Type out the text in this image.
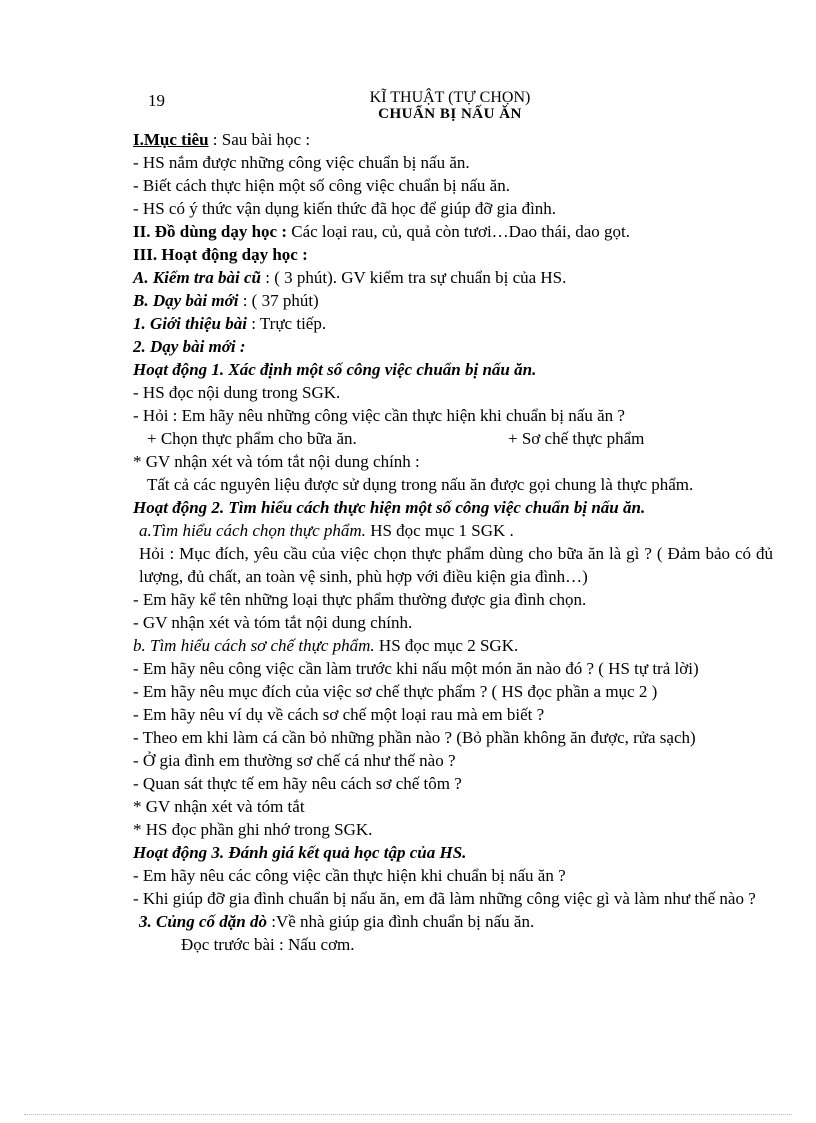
19	KĨ THUẬT (TỰ CHỌN)
CHUẨN BỊ NẤU ĂN
I.Mục tiêu : Sau bài học :
- HS nắm được những công việc chuẩn bị nấu ăn.
- Biết cách thực hiện một số công việc chuẩn bị nấu ăn.
- HS có ý thức vận dụng kiến thức đã học để giúp đỡ gia đình.
II. Đồ dùng dạy học : Các loại rau, củ, quả còn tươi…Dao thái, dao gọt.
III. Hoạt động dạy học :
A. Kiểm tra bài cũ : ( 3 phút). GV kiểm tra sự chuẩn bị của HS.
B. Dạy bài mới : ( 37 phút)
1. Giới thiệu bài : Trực tiếp.
2. Dạy bài mới :
Hoạt động 1. Xác định một số công việc chuẩn bị nấu ăn.
- HS đọc nội dung trong SGK.
- Hỏi : Em hãy nêu những công việc cần thực hiện khi chuẩn bị nấu ăn ?
+ Chọn thực phẩm cho bữa ăn.	+ Sơ chế thực phẩm
* GV nhận xét và tóm tắt nội dung chính :
Tất cả các nguyên liệu được sử dụng trong nấu ăn được gọi chung là thực phẩm.
Hoạt động 2. Tìm hiểu cách thực hiện một số công việc chuẩn bị nấu ăn.
a.Tìm hiểu cách chọn thực phẩm. HS đọc mục 1 SGK .
Hỏi : Mục đích, yêu cầu của việc chọn thực phẩm dùng cho bữa ăn là gì ? ( Đảm bảo có đủ lượng, đủ chất, an toàn vệ sinh, phù hợp với điều kiện gia đình…)
- Em hãy kể tên những loại thực phẩm thường được gia đình chọn.
- GV nhận xét và tóm tắt nội dung chính.
b. Tìm hiểu cách sơ chế thực phẩm. HS đọc mục 2 SGK.
- Em hãy nêu công việc cần làm trước khi nấu một món ăn nào đó ? ( HS tự trả lời)
- Em hãy nêu mục đích của việc sơ chế thực phẩm ? ( HS đọc phần a mục 2 )
- Em hãy nêu ví dụ về cách sơ chế một loại rau mà em biết ?
- Theo em khi làm cá cần bỏ những phần nào ? (Bỏ phần không ăn được, rửa sạch)
- Ở gia đình em thường sơ chế cá như thế nào ?
- Quan sát thực tế em hãy nêu cách sơ chế tôm ?
* GV nhận xét và tóm tắt
* HS đọc phần ghi nhớ trong SGK.
Hoạt động 3. Đánh giá kết quả học tập của HS.
- Em hãy nêu các công việc cần thực hiện khi chuẩn bị nấu ăn ?
- Khi giúp đỡ gia đình chuẩn bị nấu ăn, em đã làm những công việc gì và làm như thế nào ?
3. Củng cố dặn dò :Về nhà giúp gia đình chuẩn bị nấu ăn.
Đọc trước bài : Nấu cơm.
